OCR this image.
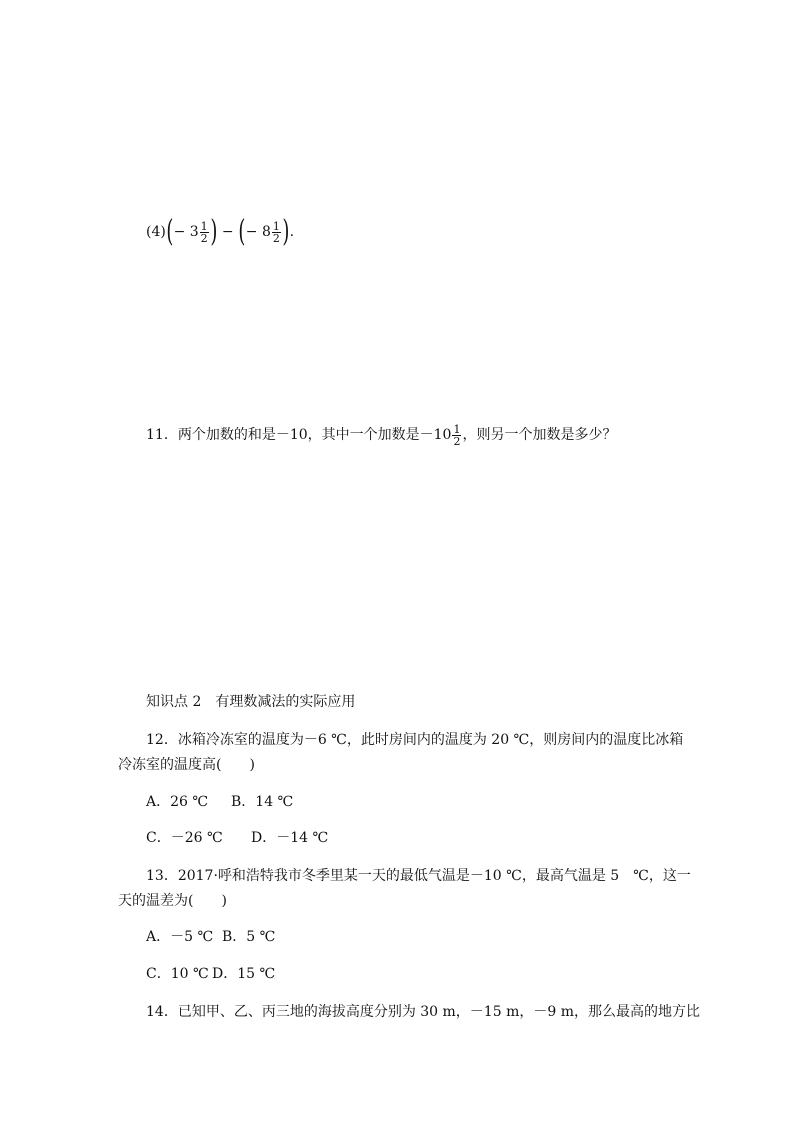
(4)( −
$3 \frac{1}{2}$ ) − ( −
$8 \frac{1}{2}$ ).
11．两个加数的和是－10，其中一个加数是$-10 \frac{1}{2}$ ，则另一个加数是多少？
知识点 2　有理数减法的实际应用
12．冰箱冷冻室的温度为－6 ℃，此时房间内的温度为 20 ℃，则房间内的温度比冰箱
冷冻室的温度高(　　)
A．26 ℃ B．14 ℃
C．－26 ℃ D．－14 ℃
13．2017·呼和浩特我市冬季里某一天的最低气温是－10 ℃，最高气温是 5　℃，这一
天的温差为(　　)
A．－5 ℃ B．5 ℃
C．10 ℃ D．15 ℃
14．已知甲、乙、丙三地的海拔高度分别为 30 m，－15 m，－9 m，那么最高的地方比
